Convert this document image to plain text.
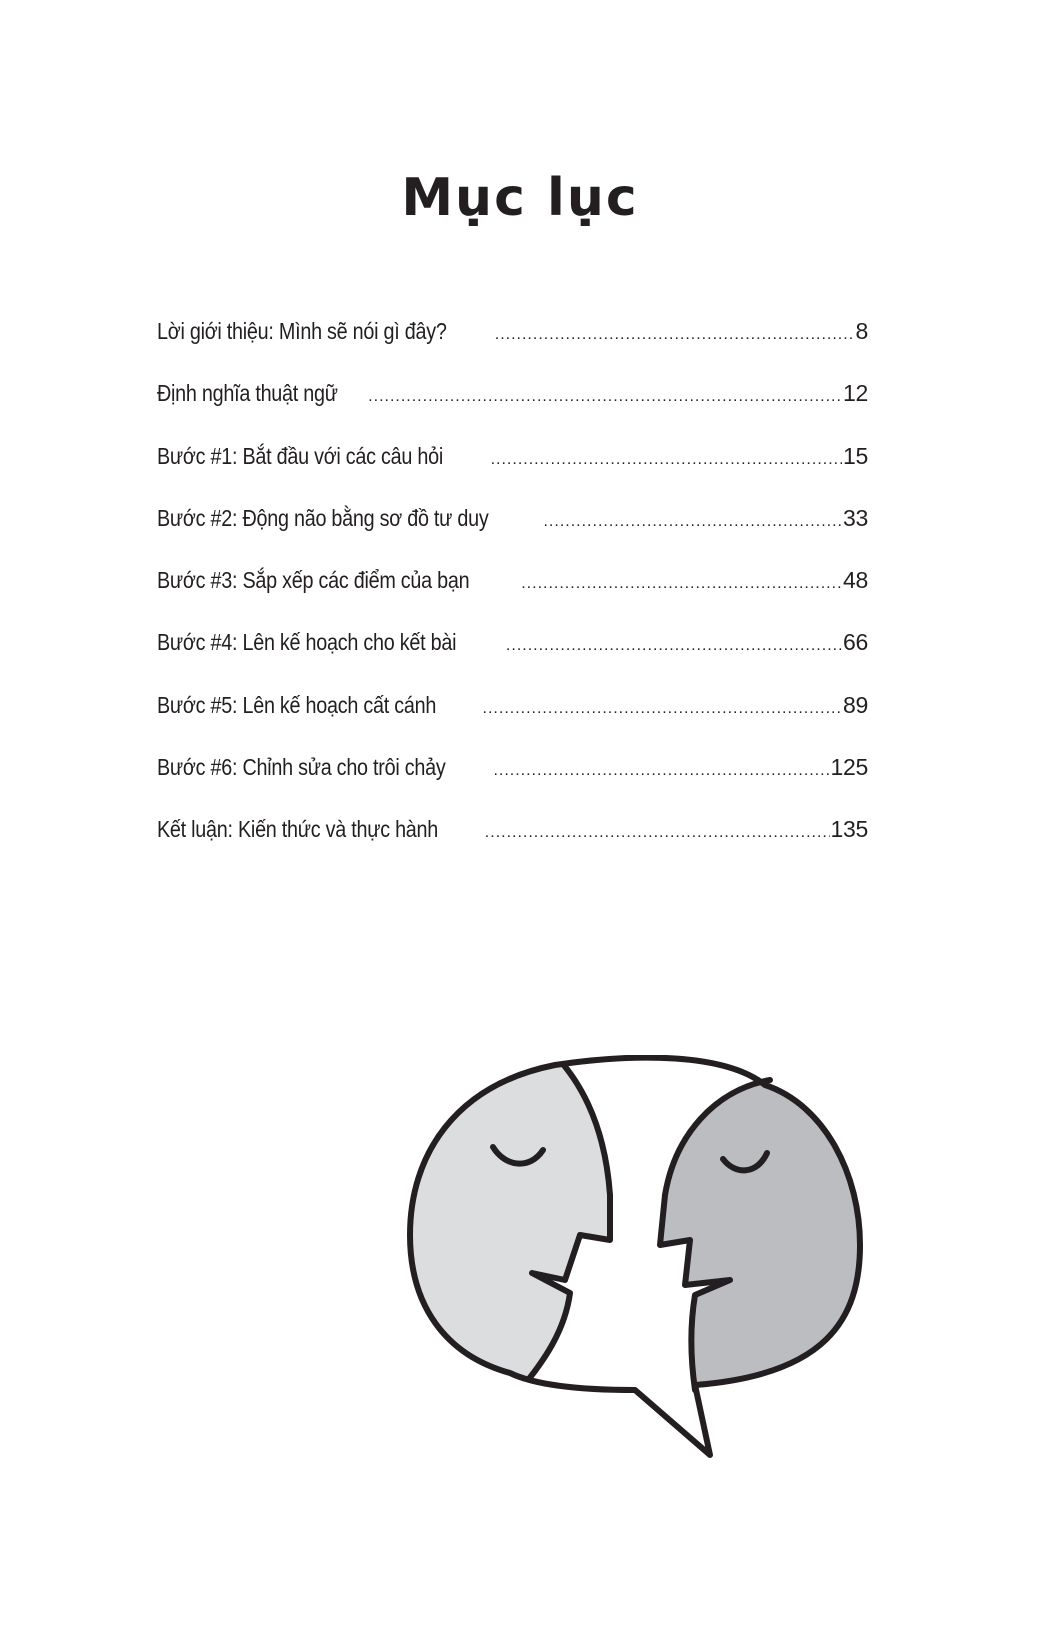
Mục lục
Lời giới thiệu: Mình sẽ nói gì đây? .....	8
Định nghĩa thuật ngữ .....	12
Bước #1: Bắt đầu với các câu hỏi .....	15
Bước #2: Động não bằng sơ đồ tư duy .....	33
Bước #3: Sắp xếp các điểm của bạn .....	48
Bước #4: Lên kế hoạch cho kết bài .....	66
Bước #5: Lên kế hoạch cất cánh .....	89
Bước #6: Chỉnh sửa cho trôi chảy .....	125
Kết luận: Kiến thức và thực hành .....	135
